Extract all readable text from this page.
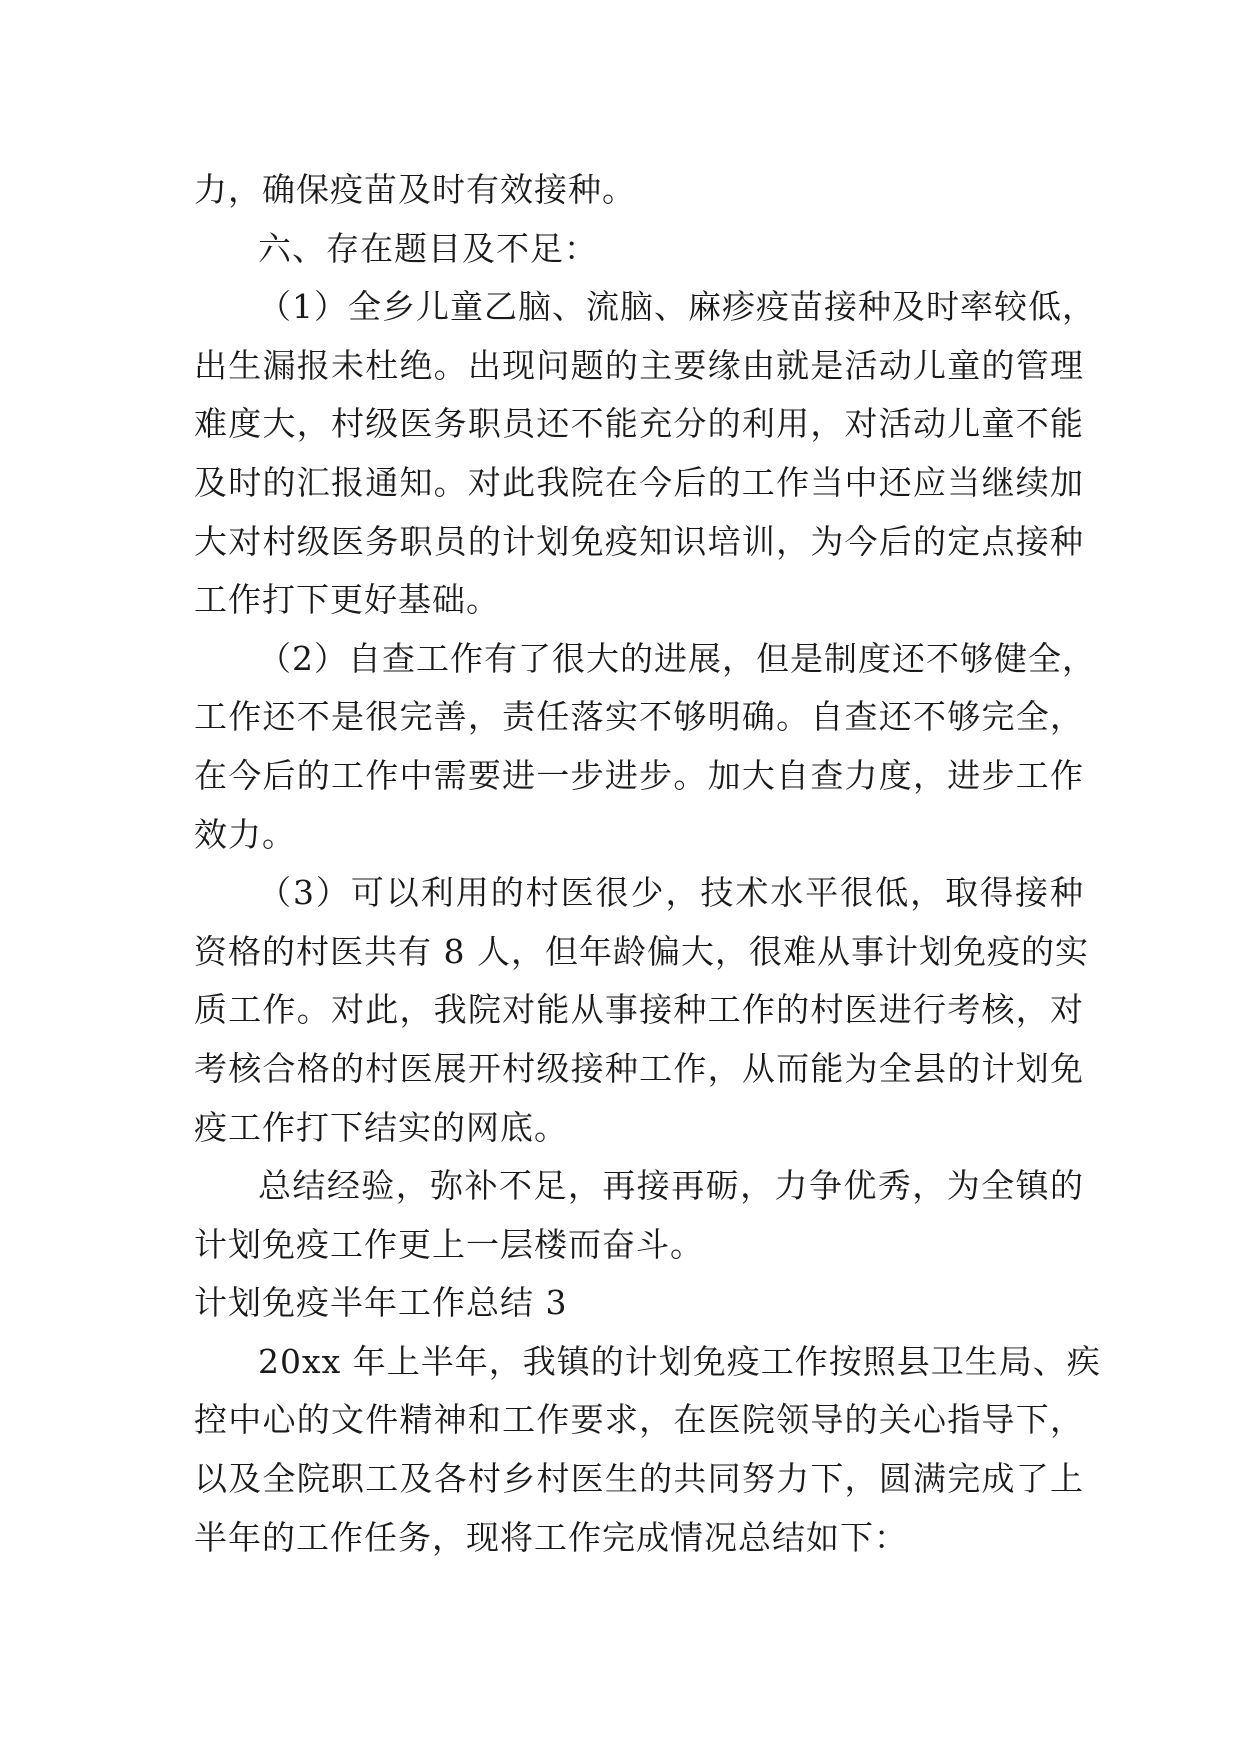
力，确保疫苗及时有效接种。
六、存在题目及不足：
（1）全乡儿童乙脑、流脑、麻疹疫苗接种及时率较低，
出生漏报未杜绝。出现问题的主要缘由就是活动儿童的管理
难度大，村级医务职员还不能充分的利用，对活动儿童不能
及时的汇报通知。对此我院在今后的工作当中还应当继续加
大对村级医务职员的计划免疫知识培训，为今后的定点接种
工作打下更好基础。
（2）自查工作有了很大的进展，但是制度还不够健全，
工作还不是很完善，责任落实不够明确。自查还不够完全，
在今后的工作中需要进一步进步。加大自查力度，进步工作
效力。
（3）可以利用的村医很少，技术水平很低，取得接种
资格的村医共有 8 人，但年龄偏大，很难从事计划免疫的实
质工作。对此，我院对能从事接种工作的村医进行考核，对
考核合格的村医展开村级接种工作，从而能为全县的计划免
疫工作打下结实的网底。
总结经验，弥补不足，再接再砺，力争优秀，为全镇的
计划免疫工作更上一层楼而奋斗。
计划免疫半年工作总结 3
20xx 年上半年，我镇的计划免疫工作按照县卫生局、疾
控中心的文件精神和工作要求，在医院领导的关心指导下，
以及全院职工及各村乡村医生的共同努力下，圆满完成了上
半年的工作任务，现将工作完成情况总结如下：
